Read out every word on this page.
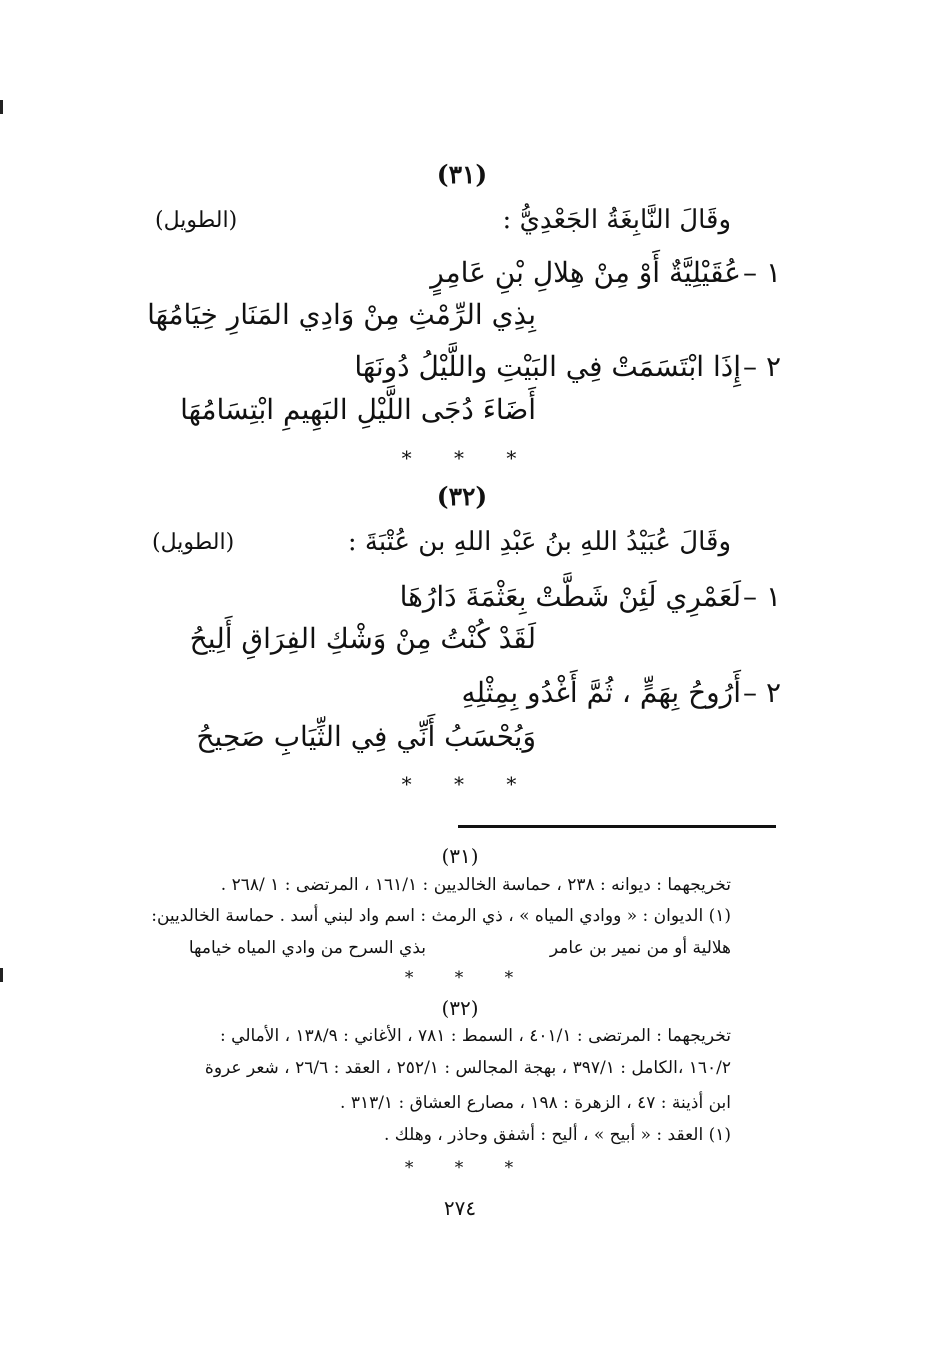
(٣١)
وقَالَ النَّابِغَةُ الجَعْدِيُّ :
(الطويل)
١ –
عُقَيْلِيَّةٌ أَوْ مِنْ هِلالِ بْنِ عَامِرٍ
بِذِي الرِّمْثِ مِنْ وَادِي المَنَارِ خِيَامُهَا
٢ –
إِذَا ابْتَسَمَتْ فِي البَيْتِ واللَّيْلُ دُونَهَا
أَضَاءَ دُجَى اللَّيْلِ البَهِيمِ ابْتِسَامُهَا
* * *
(٣٢)
وقَالَ عُبَيْدُ اللهِ بنُ عَبْدِ اللهِ بن عُتْبَةَ :
(الطويل)
١ –
لَعَمْرِي لَئِنْ شَطَّتْ بِعَثْمَةَ دَارُهَا
لَقَدْ كُنْتُ مِنْ وَشْكِ الفِرَاقِ أَلِيحُ
٢ –
أَرُوحُ بِهَمٍّ ، ثُمَّ أَغْدُو بِمِثْلِهِ
وَيُحْسَبُ أَنِّي فِي الثِّيَابِ صَحِيحُ
* * *
(٣١)
تخريجهما : ديوانه : ٢٣٨ ، حماسة الخالديين : ١٦١/١ ، المرتضى : ١ /٢٦٨ .
(١) الديوان : « ووادي المياه » ، ذي الرمث : اسم واد لبني أسد . حماسة الخالديين:
هلالية أو من نمير بن عامر
بذي السرح من وادي المياه خيامها
* * *
(٣٢)
تخريجهما : المرتضى : ٤٠١/١ ، السمط : ٧٨١ ، الأغاني : ١٣٨/٩ ، الأمالي :
١٦٠/٢ ،الكامل : ٣٩٧/١ ، بهجة المجالس : ٢٥٢/١ ، العقد : ٢٦/٦ ، شعر عروة
ابن أذينة : ٤٧ ، الزهرة : ١٩٨ ، مصارع العشاق : ٣١٣/١ .
(١) العقد : « أبيح » ، أليح : أشفق وحاذر ، وهلك .
* * *
٢٧٤
